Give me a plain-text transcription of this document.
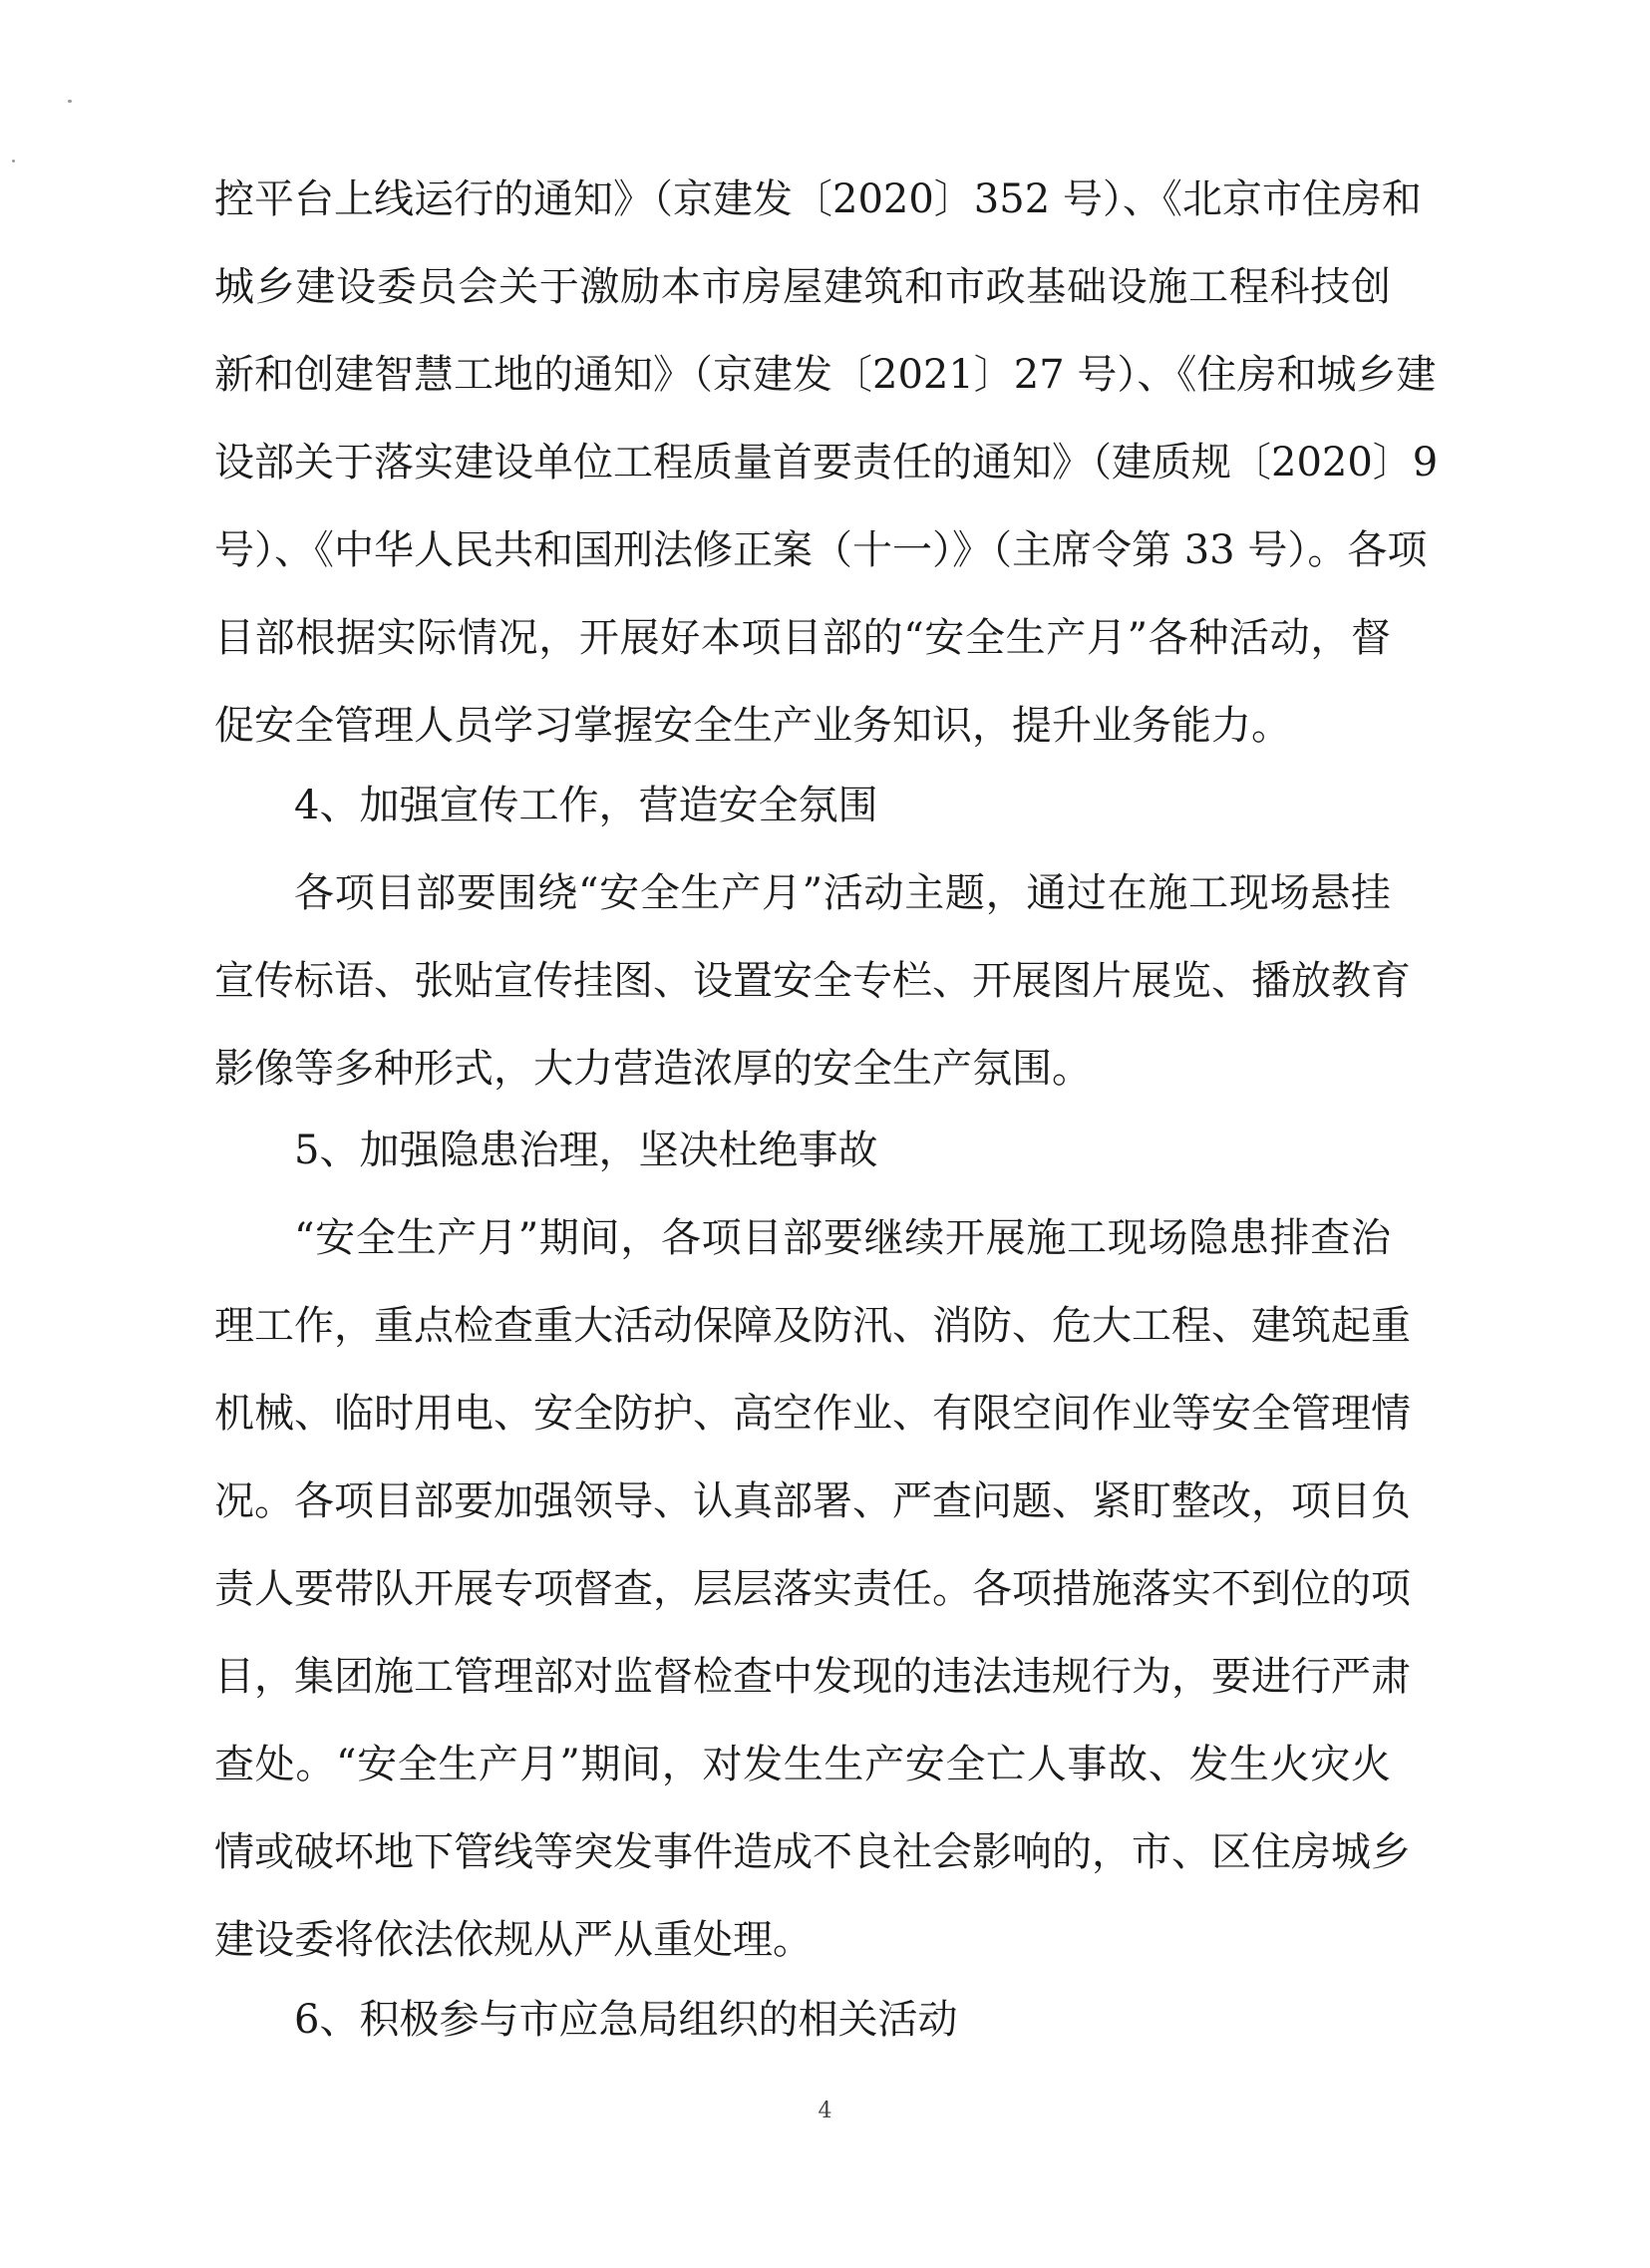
控平台上线运行的通知》（京建发〔2020〕352 号）、《北京市住房和
城乡建设委员会关于激励本市房屋建筑和市政基础设施工程科技创
新和创建智慧工地的通知》（京建发〔2021〕27 号）、《住房和城乡建
设部关于落实建设单位工程质量首要责任的通知》（建质规〔2020〕9
号）、《中华人民共和国刑法修正案（十一）》（主席令第 33 号）。各项
目部根据实际情况，开展好本项目部的“安全生产月”各种活动，督
促安全管理人员学习掌握安全生产业务知识，提升业务能力。
4、加强宣传工作，营造安全氛围
各项目部要围绕“安全生产月”活动主题，通过在施工现场悬挂
宣传标语、张贴宣传挂图、设置安全专栏、开展图片展览、播放教育
影像等多种形式，大力营造浓厚的安全生产氛围。
5、加强隐患治理，坚决杜绝事故
“安全生产月”期间，各项目部要继续开展施工现场隐患排查治
理工作，重点检查重大活动保障及防汛、消防、危大工程、建筑起重
机械、临时用电、安全防护、高空作业、有限空间作业等安全管理情
况。各项目部要加强领导、认真部署、严查问题、紧盯整改，项目负
责人要带队开展专项督查，层层落实责任。各项措施落实不到位的项
目，集团施工管理部对监督检查中发现的违法违规行为，要进行严肃
查处。“安全生产月”期间，对发生生产安全亡人事故、发生火灾火
情或破坏地下管线等突发事件造成不良社会影响的，市、区住房城乡
建设委将依法依规从严从重处理。
6、积极参与市应急局组织的相关活动
4
